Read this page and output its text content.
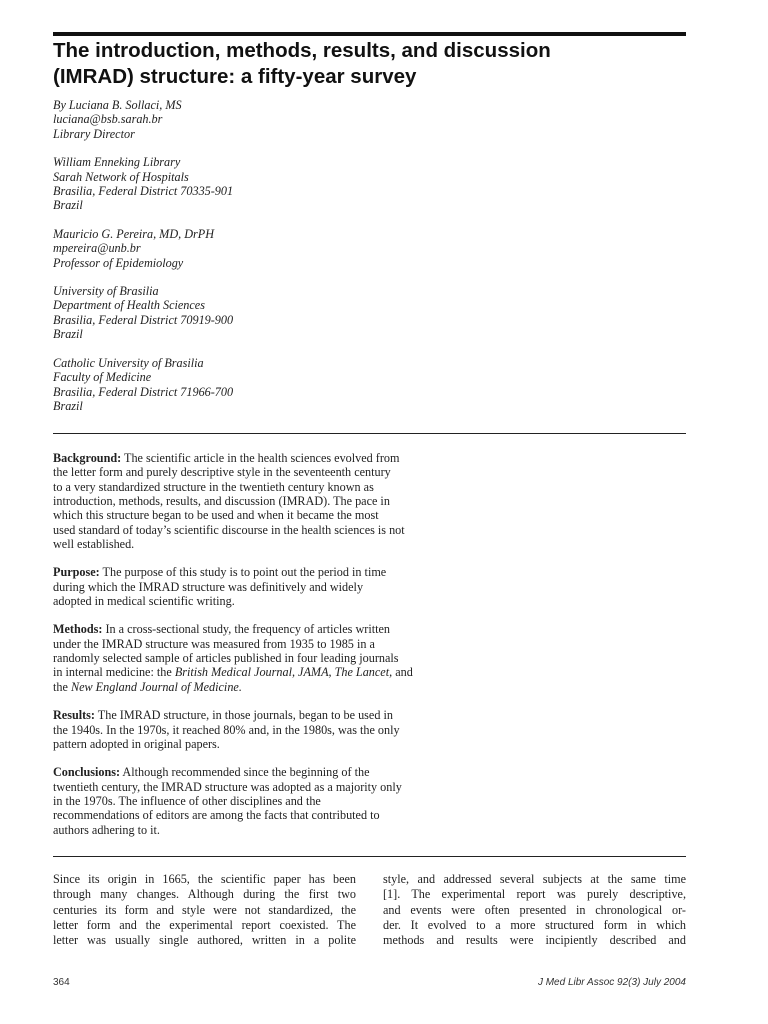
The introduction, methods, results, and discussion
(IMRAD) structure: a fifty-year survey
By Luciana B. Sollaci, MS
luciana@bsb.sarah.br
Library Director
William Enneking Library
Sarah Network of Hospitals
Brasilia, Federal District 70335-901
Brazil
Mauricio G. Pereira, MD, DrPH
mpereira@unb.br
Professor of Epidemiology
University of Brasilia
Department of Health Sciences
Brasilia, Federal District 70919-900
Brazil
Catholic University of Brasilia
Faculty of Medicine
Brasilia, Federal District 71966-700
Brazil
Background: The scientific article in the health sciences evolved from
the letter form and purely descriptive style in the seventeenth century
to a very standardized structure in the twentieth century known as
introduction, methods, results, and discussion (IMRAD). The pace in
which this structure began to be used and when it became the most
used standard of today’s scientific discourse in the health sciences is not
well established.
Purpose: The purpose of this study is to point out the period in time
during which the IMRAD structure was definitively and widely
adopted in medical scientific writing.
Methods: In a cross-sectional study, the frequency of articles written
under the IMRAD structure was measured from 1935 to 1985 in a
randomly selected sample of articles published in four leading journals
in internal medicine: the British Medical Journal, JAMA, The Lancet, and
the New England Journal of Medicine.
Results: The IMRAD structure, in those journals, began to be used in
the 1940s. In the 1970s, it reached 80% and, in the 1980s, was the only
pattern adopted in original papers.
Conclusions: Although recommended since the beginning of the
twentieth century, the IMRAD structure was adopted as a majority only
in the 1970s. The influence of other disciplines and the
recommendations of editors are among the facts that contributed to
authors adhering to it.
Since its origin in 1665, the scientific paper has been
through many changes. Although during the first two
centuries its form and style were not standardized, the
letter form and the experimental report coexisted. The
letter was usually single authored, written in a polite
style, and addressed several subjects at the same time
[1]. The experimental report was purely descriptive,
and events were often presented in chronological or-
der. It evolved to a more structured form in which
methods and results were incipiently described and
364	J Med Libr Assoc 92(3) July 2004
